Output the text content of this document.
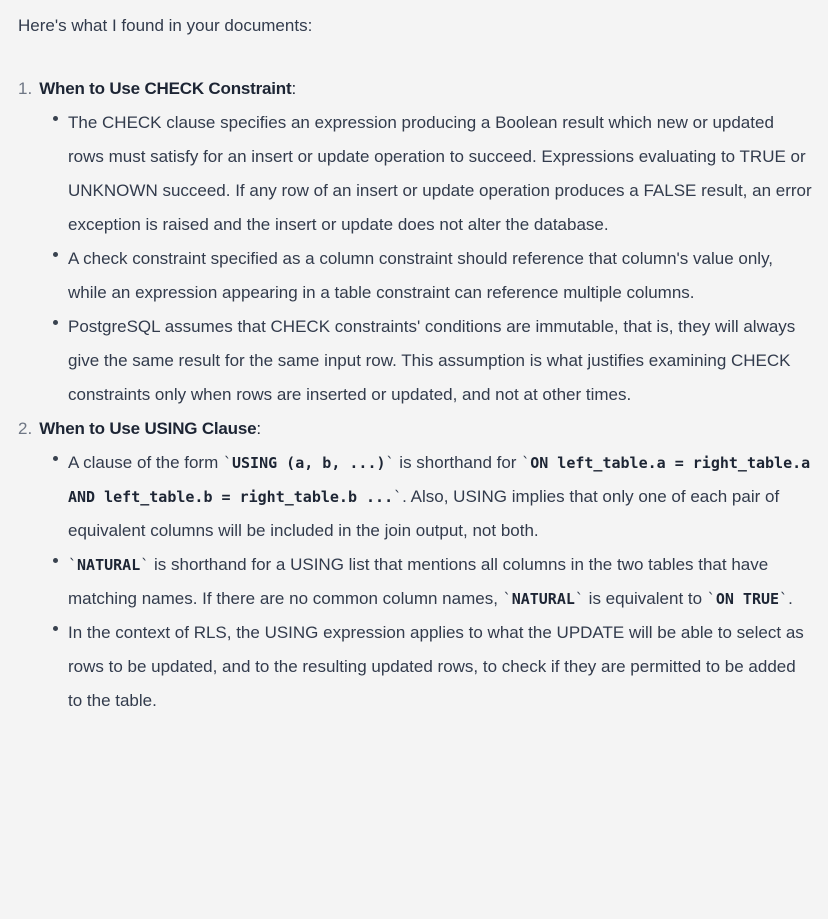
Here's what I found in your documents:

1. When to Use CHECK Constraint:
The CHECK clause specifies an expression producing a Boolean result which new or updated rows must satisfy for an insert or update operation to succeed. Expressions evaluating to TRUE or UNKNOWN succeed. If any row of an insert or update operation produces a FALSE result, an error exception is raised and the insert or update does not alter the database.
A check constraint specified as a column constraint should reference that column's value only, while an expression appearing in a table constraint can reference multiple columns.
PostgreSQL assumes that CHECK constraints' conditions are immutable, that is, they will always give the same result for the same input row. This assumption is what justifies examining CHECK constraints only when rows are inserted or updated, and not at other times.
2. When to Use USING Clause:
A clause of the form `USING (a, b, ...)` is shorthand for `ON left_table.a = right_table.a AND left_table.b = right_table.b ...`. Also, USING implies that only one of each pair of equivalent columns will be included in the join output, not both.
`NATURAL` is shorthand for a USING list that mentions all columns in the two tables that have matching names. If there are no common column names, `NATURAL` is equivalent to `ON TRUE`.
In the context of RLS, the USING expression applies to what the UPDATE will be able to select as rows to be updated, and to the resulting updated rows, to check if they are permitted to be added to the table.
